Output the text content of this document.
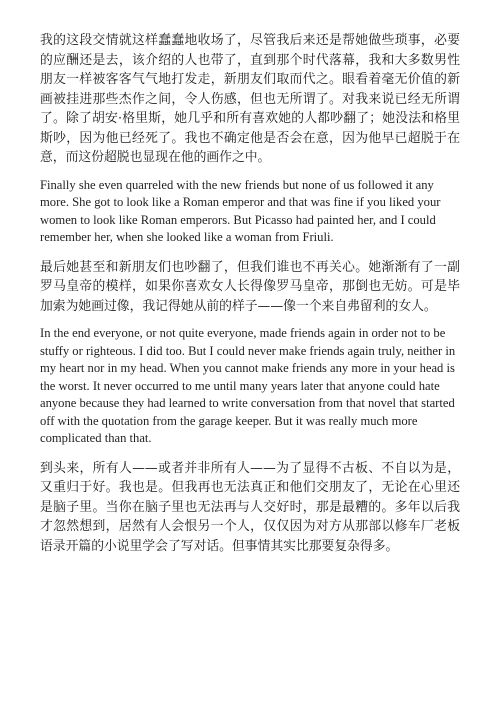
我的这段交情就这样蠢蠢地收场了，尽管我后来还是帮她做些琐事，必要的应酬还是去，该介绍的人也带了，直到那个时代落幕，我和大多数男性朋友一样被客客气气地打发走，新朋友们取而代之。眼看着毫无价值的新画被挂进那些杰作之间，令人伤感，但也无所谓了。对我来说已经无所谓了。除了胡安·格里斯，她几乎和所有喜欢她的人都吵翻了；她没法和格里斯吵，因为他已经死了。我也不确定他是否会在意，因为他早已超脱于在意，而这份超脱也显现在他的画作之中。

Finally she even quarreled with the new friends but none of us followed it any more. She got to look like a Roman emperor and that was fine if you liked your women to look like Roman emperors. But Picasso had painted her, and I could remember her, when she looked like a woman from Friuli.

最后她甚至和新朋友们也吵翻了，但我们谁也不再关心。她渐渐有了一副罗马皇帝的模样，如果你喜欢女人长得像罗马皇帝，那倒也无妨。可是毕加索为她画过像，我记得她从前的样子——像一个来自弗留利的女人。

In the end everyone, or not quite everyone, made friends again in order not to be stuffy or righteous. I did too. But I could never make friends again truly, neither in my heart nor in my head. When you cannot make friends any more in your head is the worst. It never occurred to me until many years later that anyone could hate anyone because they had learned to write conversation from that novel that started off with the quotation from the garage keeper. But it was really much more complicated than that.

到头来，所有人——或者并非所有人——为了显得不古板、不自以为是，又重归于好。我也是。但我再也无法真正和他们交朋友了，无论在心里还是脑子里。当你在脑子里也无法再与人交好时，那是最糟的。多年以后我才忽然想到，居然有人会恨另一个人，仅仅因为对方从那部以修车厂老板语录开篇的小说里学会了写对话。但事情其实比那要复杂得多。
